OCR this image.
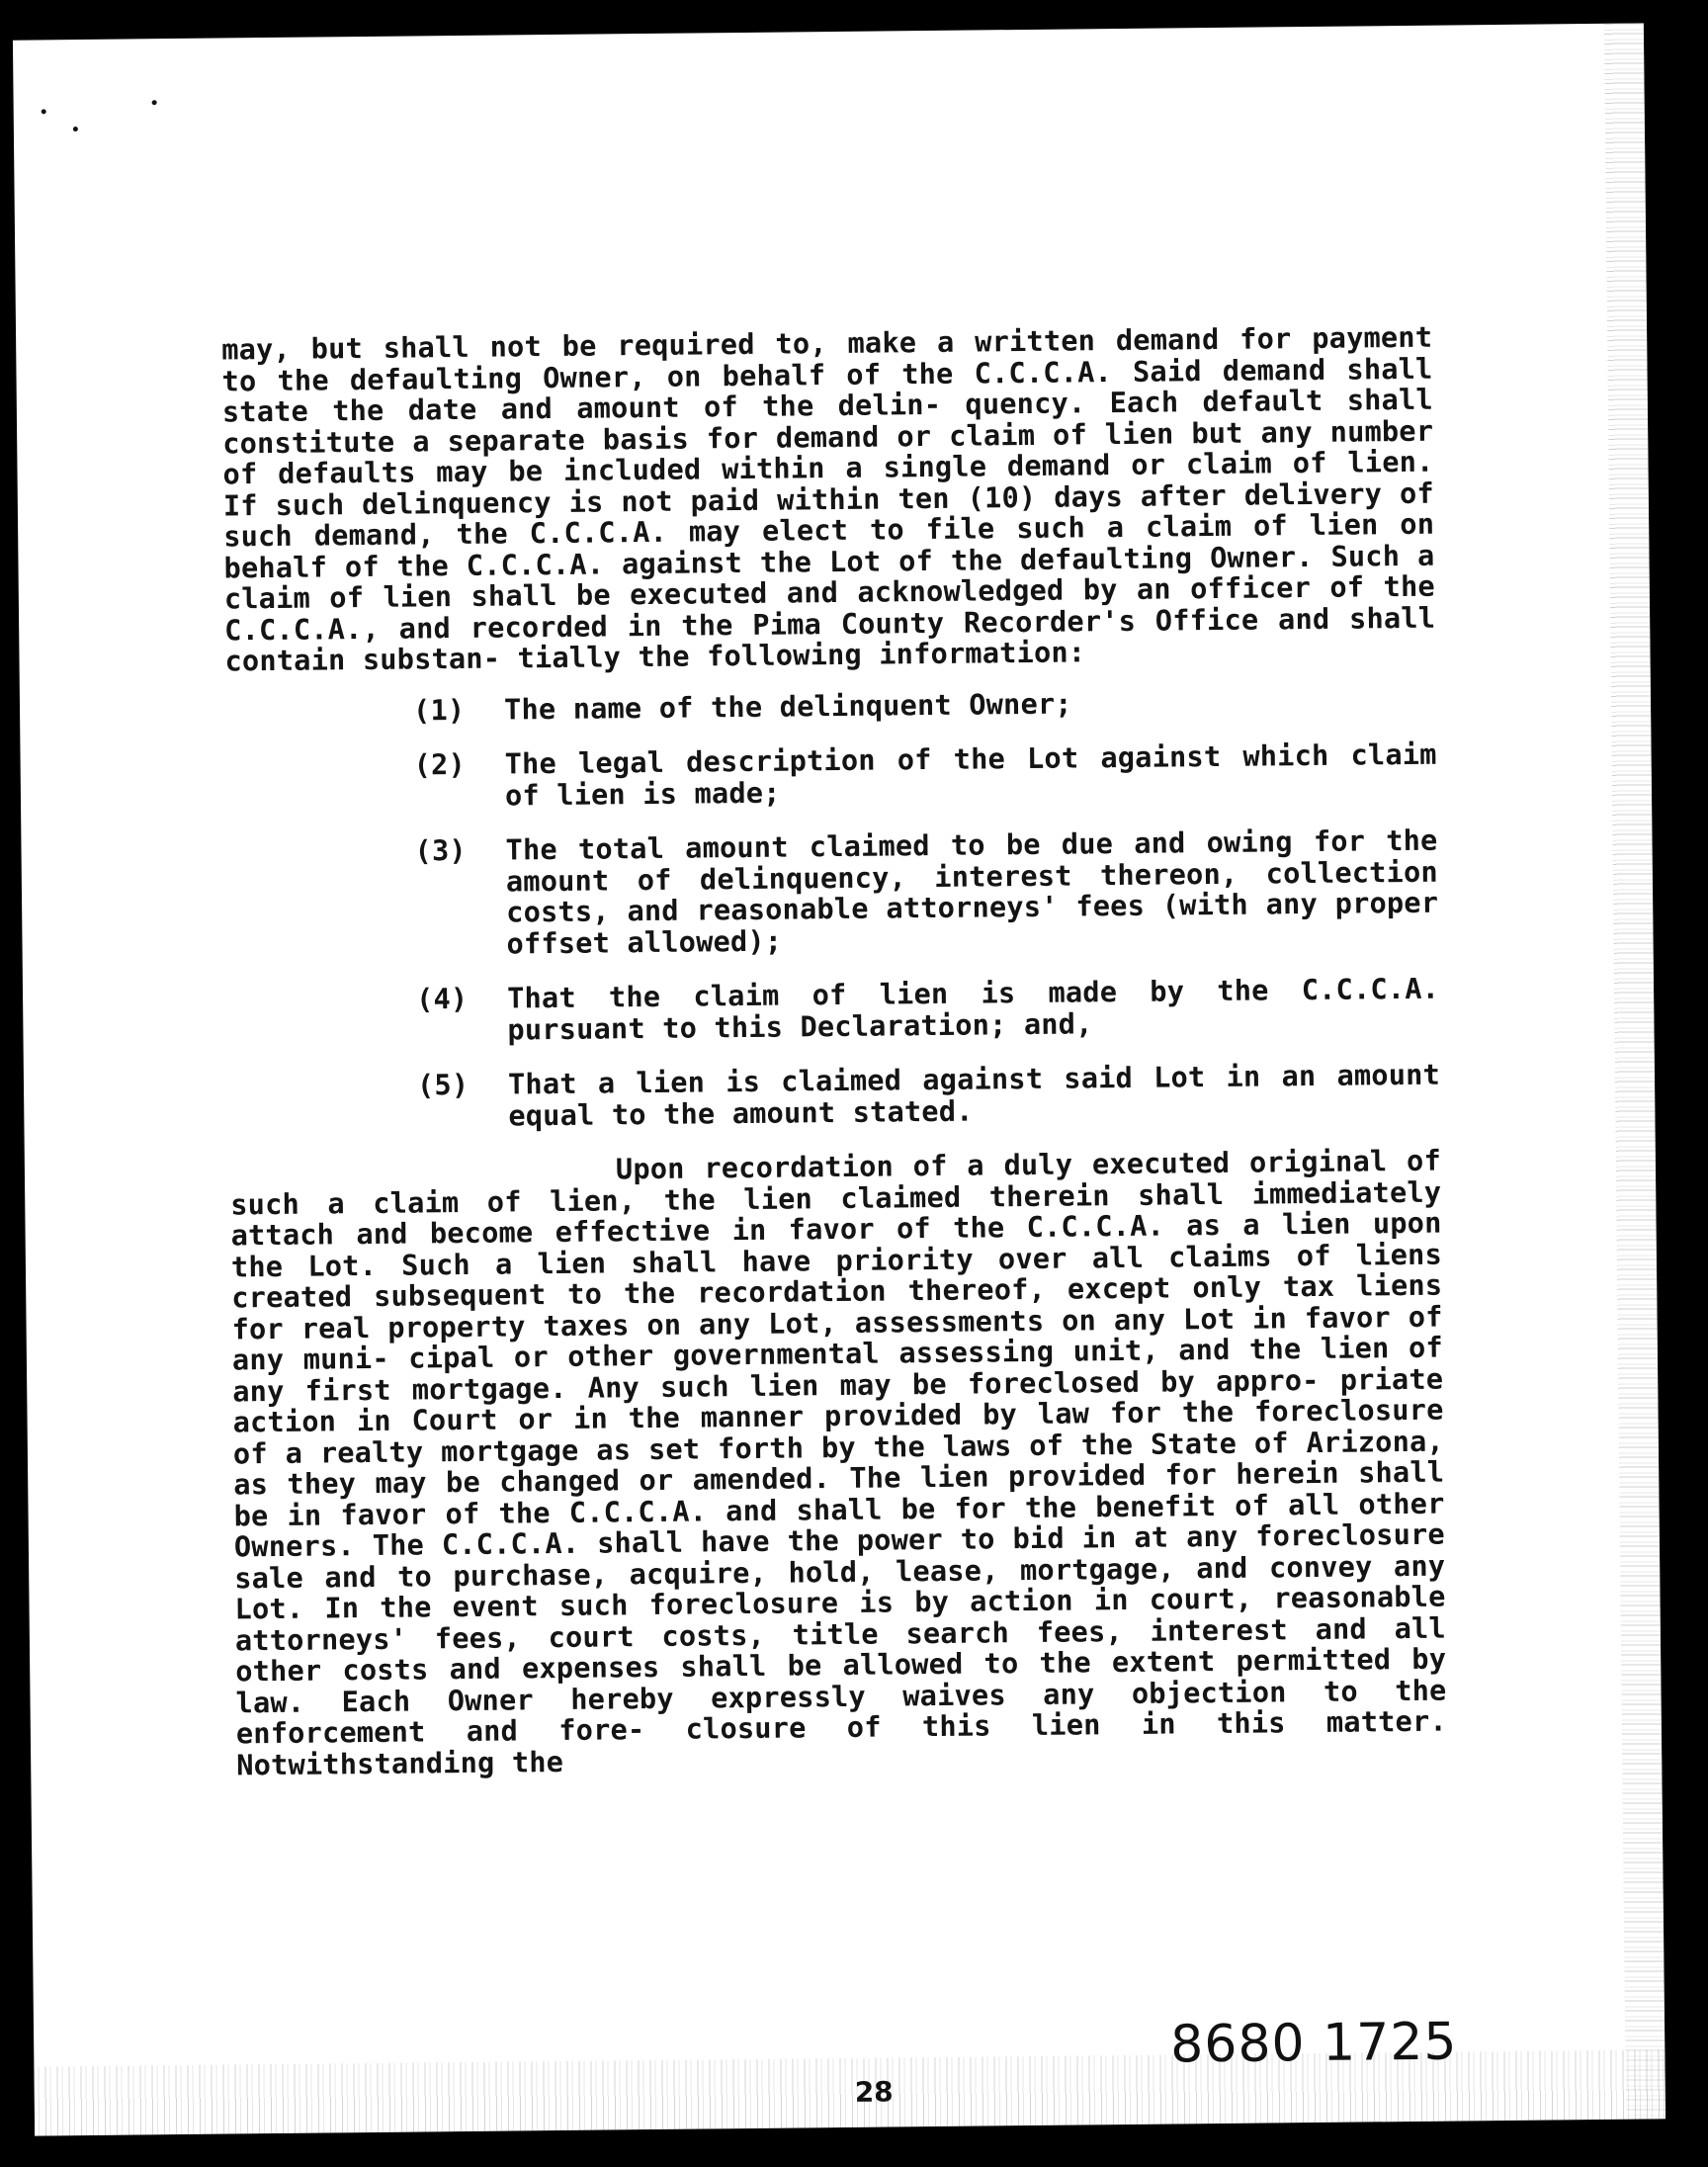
may, but shall not be required to, make a written demand for payment to the defaulting Owner, on behalf of the C.C.C.A. Said demand shall state the date and amount of the delin- quency. Each default shall constitute a separate basis for demand or claim of lien but any number of defaults may be included within a single demand or claim of lien. If such delinquency is not paid within ten (10) days after delivery of such demand, the C.C.C.A. may elect to file such a claim of lien on behalf of the C.C.C.A. against the Lot of the defaulting Owner. Such a claim of lien shall be executed and acknowledged by an officer of the C.C.C.A., and recorded in the Pima County Recorder's Office and shall contain substan- tially the following information:

(1)	The name of the delinquent Owner;
(2)	The legal description of the Lot against which claim of lien is made;
(3)	The total amount claimed to be due and owing for the amount of delinquency, interest thereon, collection costs, and reasonable attorneys' fees (with any proper offset allowed);
(4)	That the claim of lien is made by the C.C.C.A. pursuant to this Declaration; and,
(5)	That a lien is claimed against said Lot in an amount equal to the amount stated.

Upon recordation of a duly executed original of such a claim of lien, the lien claimed therein shall immediately attach and become effective in favor of the C.C.C.A. as a lien upon the Lot. Such a lien shall have priority over all claims of liens created subsequent to the recordation thereof, except only tax liens for real property taxes on any Lot, assessments on any Lot in favor of any muni- cipal or other governmental assessing unit, and the lien of any first mortgage. Any such lien may be foreclosed by appro- priate action in Court or in the manner provided by law for the foreclosure of a realty mortgage as set forth by the laws of the State of Arizona, as they may be changed or amended. The lien provided for herein shall be in favor of the C.C.C.A. and shall be for the benefit of all other Owners. The C.C.C.A. shall have the power to bid in at any foreclosure sale and to purchase, acquire, hold, lease, mortgage, and convey any Lot. In the event such foreclosure is by action in court, reasonable attorneys' fees, court costs, title search fees, interest and all other costs and expenses shall be allowed to the extent permitted by law. Each Owner hereby expressly waives any objection to the enforcement and fore- closure of this lien in this matter. Notwithstanding the

8680 1725
28
